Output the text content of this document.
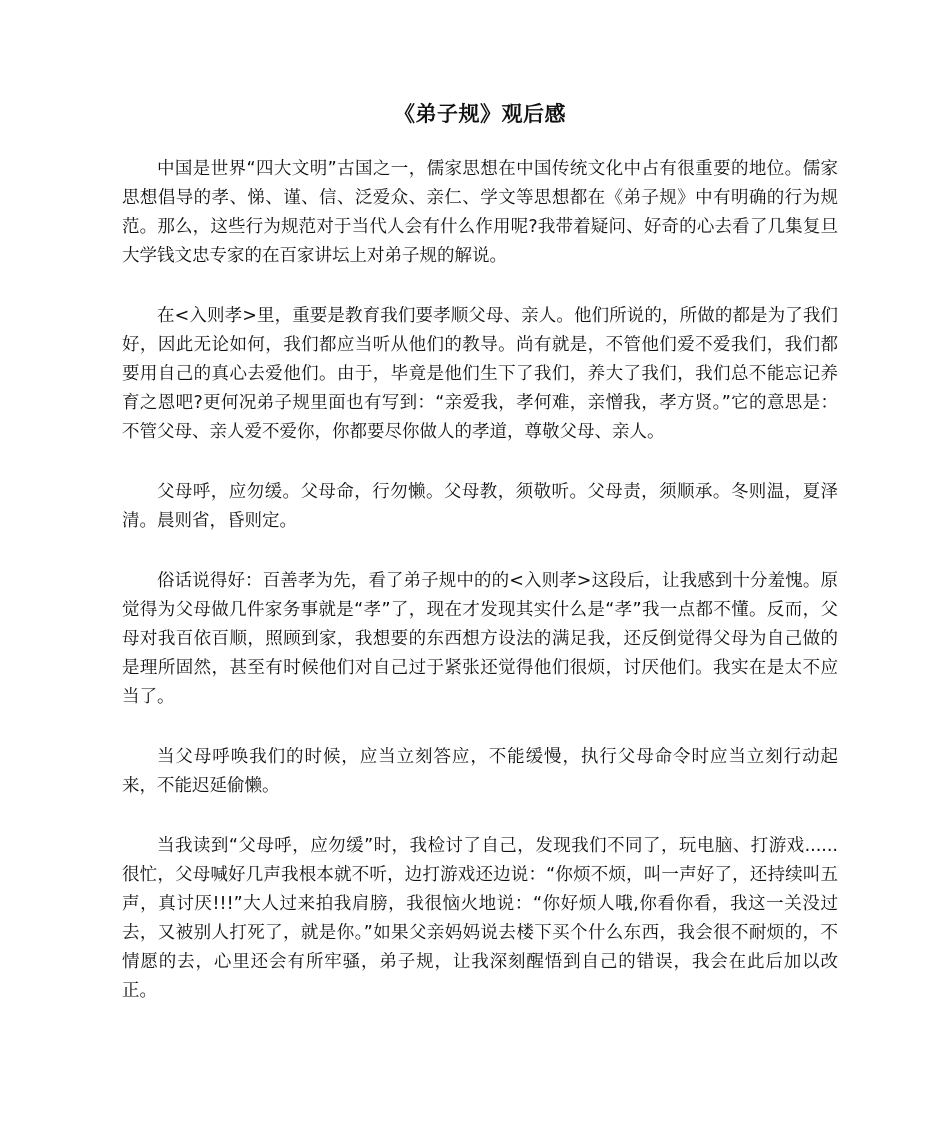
《弟子规》观后感

中国是世界“四大文明”古国之一，儒家思想在中国传统文化中占有很重要的地位。儒家思想倡导的孝、悌、谨、信、泛爱众、亲仁、学文等思想都在《弟子规》中有明确的行为规范。那么，这些行为规范对于当代人会有什么作用呢?我带着疑问、好奇的心去看了几集复旦大学钱文忠专家的在百家讲坛上对弟子规的解说。

在<入则孝>里，重要是教育我们要孝顺父母、亲人。他们所说的，所做的都是为了我们好，因此无论如何，我们都应当听从他们的教导。尚有就是，不管他们爱不爱我们，我们都要用自己的真心去爱他们。由于，毕竟是他们生下了我们，养大了我们，我们总不能忘记养育之恩吧?更何况弟子规里面也有写到：“亲爱我，孝何难，亲憎我，孝方贤。”它的意思是：不管父母、亲人爱不爱你，你都要尽你做人的孝道，尊敬父母、亲人。

父母呼，应勿缓。父母命，行勿懒。父母教，须敬听。父母责，须顺承。冬则温，夏泽清。晨则省，昏则定。

俗话说得好：百善孝为先，看了弟子规中的的<入则孝>这段后，让我感到十分羞愧。原觉得为父母做几件家务事就是“孝”了，现在才发现其实什么是“孝”我一点都不懂。反而，父母对我百依百顺，照顾到家，我想要的东西想方设法的满足我，还反倒觉得父母为自己做的是理所固然，甚至有时候他们对自己过于紧张还觉得他们很烦，讨厌他们。我实在是太不应当了。

当父母呼唤我们的时候，应当立刻答应，不能缓慢，执行父母命令时应当立刻行动起来，不能迟延偷懒。

当我读到“父母呼，应勿缓”时，我检讨了自己，发现我们不同了，玩电脑、打游戏......很忙，父母喊好几声我根本就不听，边打游戏还边说：“你烦不烦，叫一声好了，还持续叫五声，真讨厌!!!”大人过来拍我肩膀，我很恼火地说：“你好烦人哦,你看你看，我这一关没过去，又被别人打死了，就是你。”如果父亲妈妈说去楼下买个什么东西，我会很不耐烦的，不情愿的去，心里还会有所牢骚，弟子规，让我深刻醒悟到自己的错误，我会在此后加以改正。
